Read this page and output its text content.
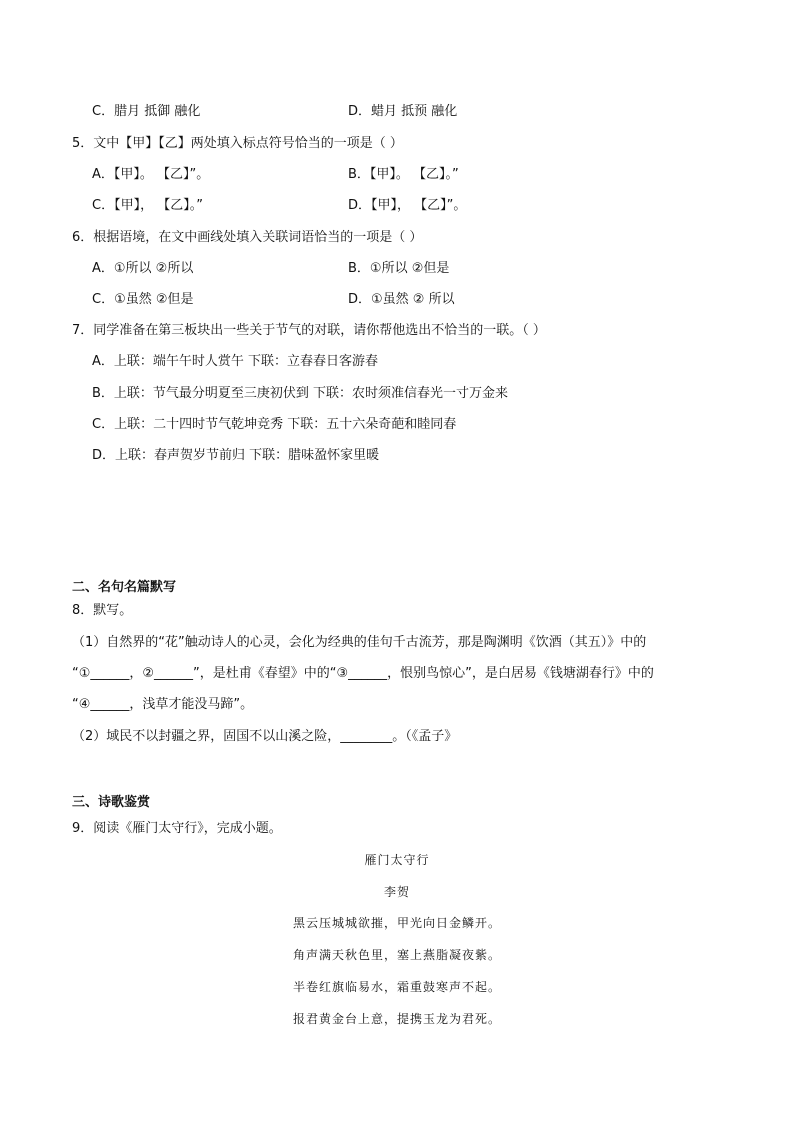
C．腊月 抵御 融化	D．蜡月 抵预 融化
5．文中【甲】【乙】两处填入标点符号恰当的一项是（ ）
A．【甲】。 【乙】”。	B．【甲】。 【乙】。”
C．【甲】， 【乙】。”	D．【甲】， 【乙】”。
6．根据语境，在文中画线处填入关联词语恰当的一项是（ ）
A．①所以 ②所以	B．①所以 ②但是
C．①虽然 ②但是	D．①虽然 ② 所以
7．同学准备在第三板块出一些关于节气的对联，请你帮他选出不恰当的一联。（ ）
A．上联：端午午时人赏午 下联：立春春日客游春
B．上联：节气最分明夏至三庚初伏到 下联：农时须准信春光一寸万金来
C．上联：二十四时节气乾坤竞秀 下联：五十六朵奇葩和睦同春
D．上联：春声贺岁节前归 下联：腊味盈怀家里暖
二、名句名篇默写
8．默写。
（1）自然界的“花”触动诗人的心灵，会化为经典的佳句千古流芳，那是陶渊明《饮酒（其五）》中的
“①______，②______”，是杜甫《春望》中的“③______，恨别鸟惊心”，是白居易《钱塘湖春行》中的
“④______，浅草才能没马蹄”。
（2）域民不以封疆之界，固国不以山溪之险，________。（《孟子》
三、诗歌鉴赏
9．阅读《雁门太守行》，完成小题。
雁门太守行
李贺
黑云压城城欲摧，甲光向日金鳞开。
角声满天秋色里，塞上燕脂凝夜紫。
半卷红旗临易水，霜重鼓寒声不起。
报君黄金台上意，提携玉龙为君死。
